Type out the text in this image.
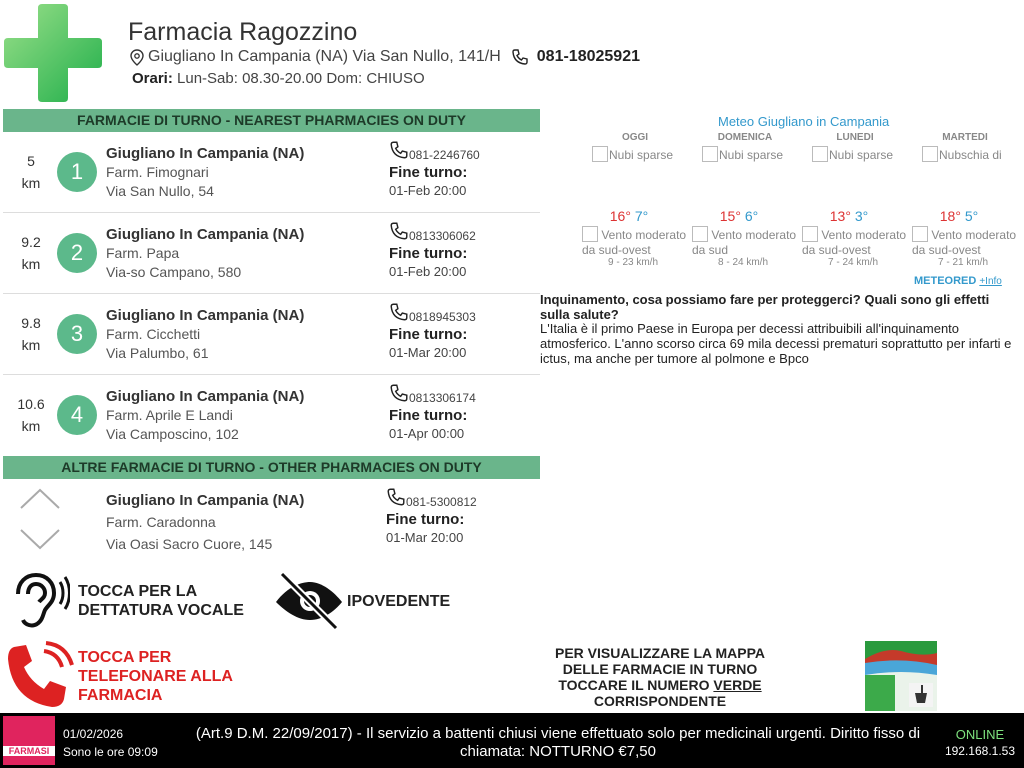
Farmacia Ragozzino
Giugliano In Campania (NA) Via San Nullo, 141/H 081-18025921
Orari: Lun-Sab: 08.30-20.00 Dom: CHIUSO
FARMACIE DI TURNO - NEAREST PHARMACIES ON DUTY
5
km	1
Giugliano In Campania (NA)
Farm. Fimognari
Via San Nullo, 54
081-2246760
Fine turno:
01-Feb 20:00
9.2
km	2
Giugliano In Campania (NA)
Farm. Papa
Via-so Campano, 580
0813306062
Fine turno:
01-Feb 20:00
9.8
km	3
Giugliano In Campania (NA)
Farm. Cicchetti
Via Palumbo, 61
0818945303
Fine turno:
01-Mar 20:00
10.6
km	4
Giugliano In Campania (NA)
Farm. Aprile E Landi
Via Camposcino, 102
0813306174
Fine turno:
01-Apr 00:00
ALTRE FARMACIE DI TURNO - OTHER PHARMACIES ON DUTY
Giugliano In Campania (NA)
Farm. Caradonna
Via Oasi Sacro Cuore, 145
081-5300812
Fine turno:
01-Mar 20:00
Meteo Giugliano in Campania
OGGI	DOMENICA	LUNEDI	MARTEDI
Nubi sparse	Nubi sparse	Nubi sparse	Nubschia di
16° 7°	15° 6°	13° 3°	18° 5°
Vento moderato da sud-ovest
9 - 23 km/h
Vento moderato da sud
8 - 24 km/h
Vento moderato da sud-ovest
7 - 24 km/h
Vento moderato da sud-ovest
7 - 21 km/h
METEORED +Info
Inquinamento, cosa possiamo fare per proteggerci? Quali sono gli effetti sulla salute?
L'Italia è il primo Paese in Europa per decessi attribuibili all'inquinamento atmosferico. L'anno scorso circa 69 mila decessi prematuri soprattutto per infarti e ictus, ma anche per tumore al polmone e Bpco
TOCCA PER LA
DETTATURA VOCALE
IPOVEDENTE
TOCCA PER
TELEFONARE ALLA
FARMACIA
PER VISUALIZZARE LA MAPPA
DELLE FARMACIE IN TURNO
TOCCARE IL NUMERO VERDE
CORRISPONDENTE
FARMASI
01/02/2026
Sono le ore 09:09
(Art.9 D.M. 22/09/2017) - Il servizio a battenti chiusi viene effettuato solo per medicinali urgenti. Diritto fisso di chiamata: NOTTURNO €7,50
ONLINE
192.168.1.53
